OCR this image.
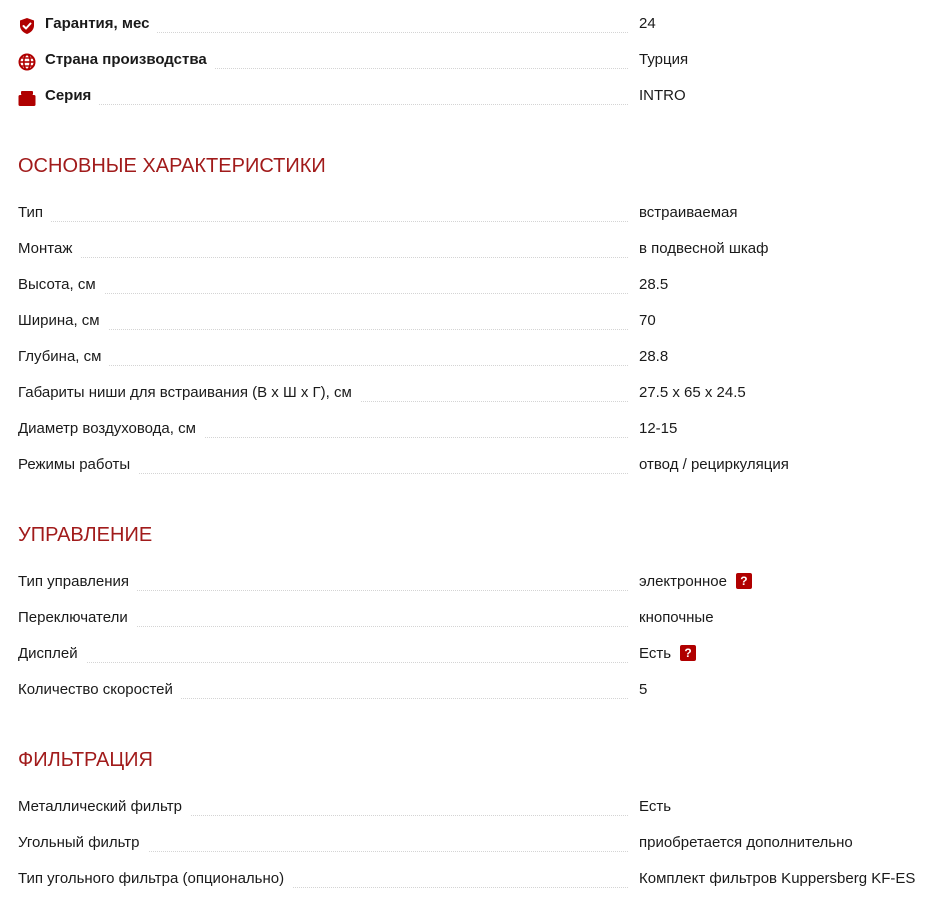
Гарантия, мес	24
Страна производства	Турция
Серия	INTRO
ОСНОВНЫЕ ХАРАКТЕРИСТИКИ
Тип	встраиваемая
Монтаж	в подвесной шкаф
Высота, см	28.5
Ширина, см	70
Глубина, см	28.8
Габариты ниши для встраивания (В х Ш х Г), см	27.5 x 65 x 24.5
Диаметр воздуховода, см	12-15
Режимы работы	отвод / рециркуляция
УПРАВЛЕНИЕ
Тип управления	электронное ?
Переключатели	кнопочные
Дисплей	Есть ?
Количество скоростей	5
ФИЛЬТРАЦИЯ
Металлический фильтр	Есть
Угольный фильтр	приобретается дополнительно
Тип угольного фильтра (опционально)	Комплект фильтров Kuppersberg KF-ES
